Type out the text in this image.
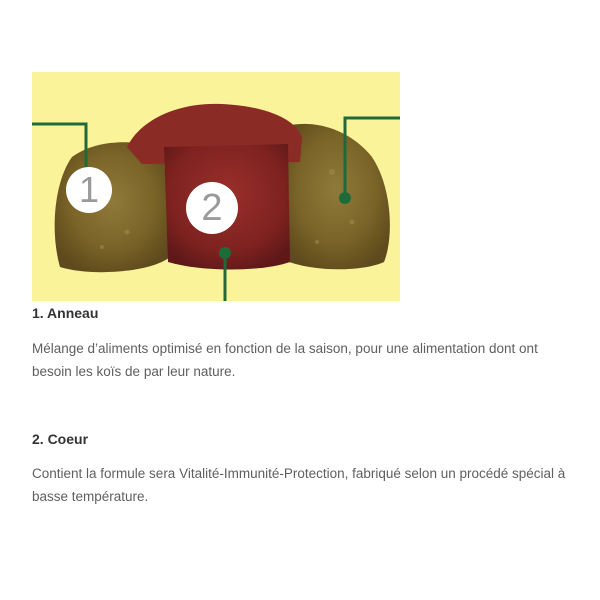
1	2
1. Anneau
Mélange d’aliments optimisé en fonction de la saison, pour une alimentation dont ont besoin les koïs de par leur nature.
2. Coeur
Contient la formule sera Vitalité-Immunité-Protection, fabriqué selon un procédé spécial à basse température.
